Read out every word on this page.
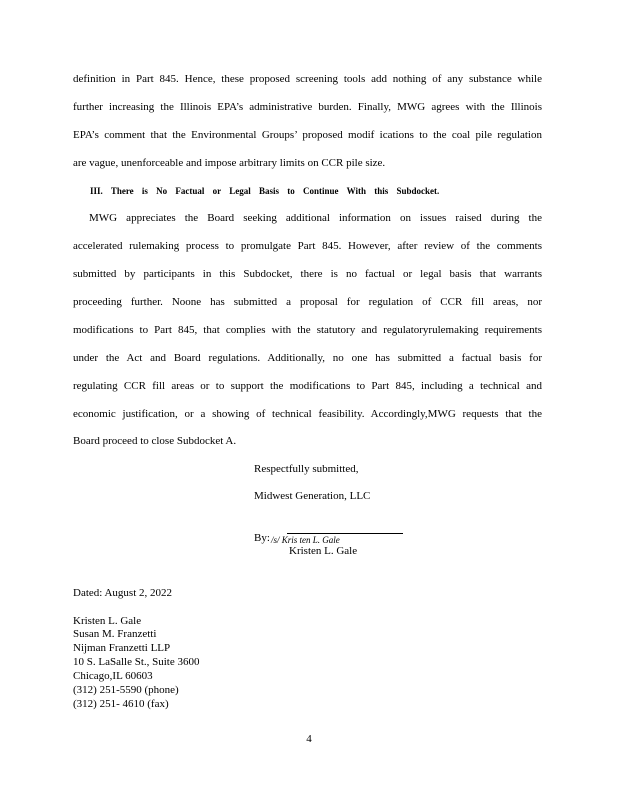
definition in Part 845. Hence, these proposed screening tools add nothing of any substance while
further increasing the Illinois EPA’s administrative burden. Finally, MWG agrees with the Illinois
EPA’s comment that the Environmental Groups’ proposed modif ications to the coal pile regulation
are vague, unenforceable and impose arbitrary limits on CCR pile size.
III. There is No Factual or Legal Basis to Continue With this Subdocket.
MWG appreciates the Board seeking additional information on issues raised during the
accelerated rulemaking process to promulgate Part 845. However, after review of the comments
submitted by participants in this Subdocket, there is no factual or legal basis that warrants
proceeding further. Noone has submitted a proposal for regulation of CCR fill areas, nor
modifications to Part 845, that complies with the statutory and regulatoryrulemaking requirements
under the Act and Board regulations. Additionally, no one has submitted a factual basis for
regulating CCR fill areas or to support the modifications to Part 845, including a technical and
economic justification, or a showing of technical feasibility. Accordingly,MWG requests that the
Board proceed to close Subdocket A.
Respectfully submitted,
Midwest Generation, LLC
By: /s/ Kris ten L. Gale
Kristen L. Gale
Dated: August 2, 2022
Kristen L. Gale
Susan M. Franzetti
Nijman Franzetti LLP
10 S. LaSalle St., Suite 3600
Chicago,IL 60603
(312) 251-5590 (phone)
(312) 251- 4610 (fax)
4
